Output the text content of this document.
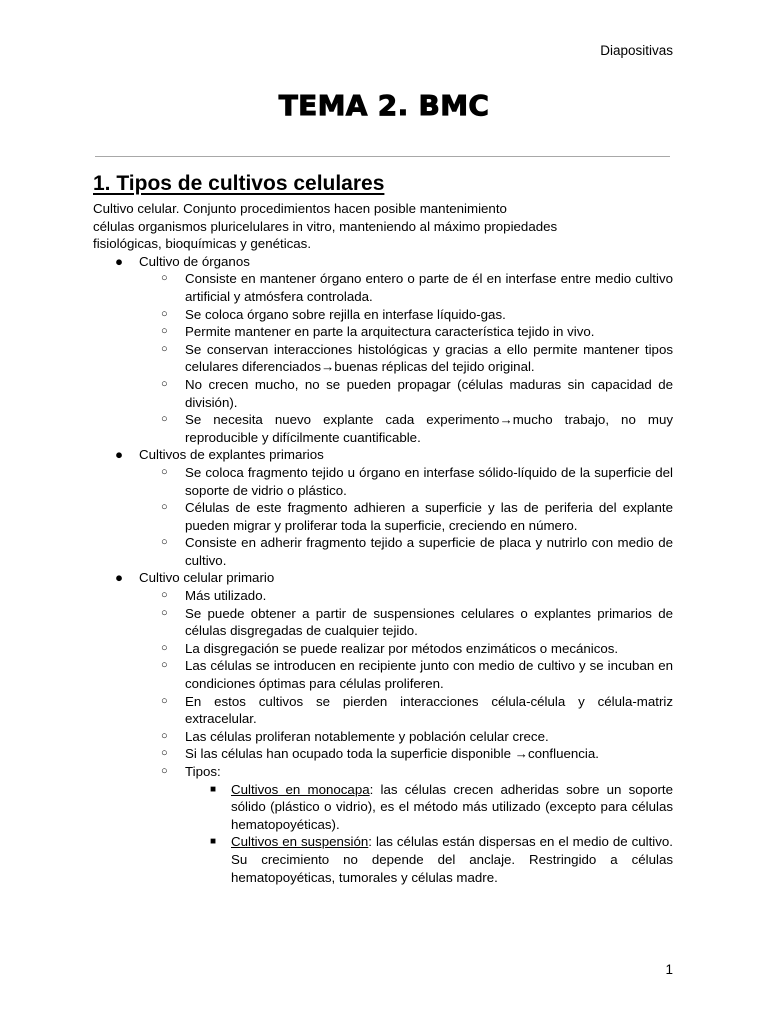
Diapositivas
TEMA 2. BMC
1. Tipos de cultivos celulares

Cultivo celular. Conjunto procedimientos hacen posible mantenimiento
células organismos pluricelulares in vitro, manteniendo al máximo propiedades
fisiológicas, bioquímicas y genéticas.

● Cultivo de órganos
○ Consiste en mantener órgano entero o parte de él en interfase entre medio cultivo artificial y atmósfera controlada.
○ Se coloca órgano sobre rejilla en interfase líquido-gas.
○ Permite mantener en parte la arquitectura característica tejido in vivo.
○ Se conservan interacciones histológicas y gracias a ello permite mantener tipos celulares diferenciados→buenas réplicas del tejido original.
○ No crecen mucho, no se pueden propagar (células maduras sin capacidad de división).
○ Se necesita nuevo explante cada experimento→mucho trabajo, no muy reproducible y difícilmente cuantificable.
● Cultivos de explantes primarios
○ Se coloca fragmento tejido u órgano en interfase sólido-líquido de la superficie del soporte de vidrio o plástico.
○ Células de este fragmento adhieren a superficie y las de periferia del explante pueden migrar y proliferar toda la superficie, creciendo en número.
○ Consiste en adherir fragmento tejido a superficie de placa y nutrirlo con medio de cultivo.
● Cultivo celular primario
○ Más utilizado.
○ Se puede obtener a partir de suspensiones celulares o explantes primarios de células disgregadas de cualquier tejido.
○ La disgregación se puede realizar por métodos enzimáticos o mecánicos.
○ Las células se introducen en recipiente junto con medio de cultivo y se incuban en condiciones óptimas para células proliferen.
○ En estos cultivos se pierden interacciones célula-célula y célula-matriz extracelular.
○ Las células proliferan notablemente y población celular crece.
○ Si las células han ocupado toda la superficie disponible →confluencia.
○ Tipos:
■ Cultivos en monocapa: las células crecen adheridas sobre un soporte sólido (plástico o vidrio), es el método más utilizado (excepto para células hematopoyéticas).
■ Cultivos en suspensión: las células están dispersas en el medio de cultivo. Su crecimiento no depende del anclaje. Restringido a células hematopoyéticas, tumorales y células madre.
1
